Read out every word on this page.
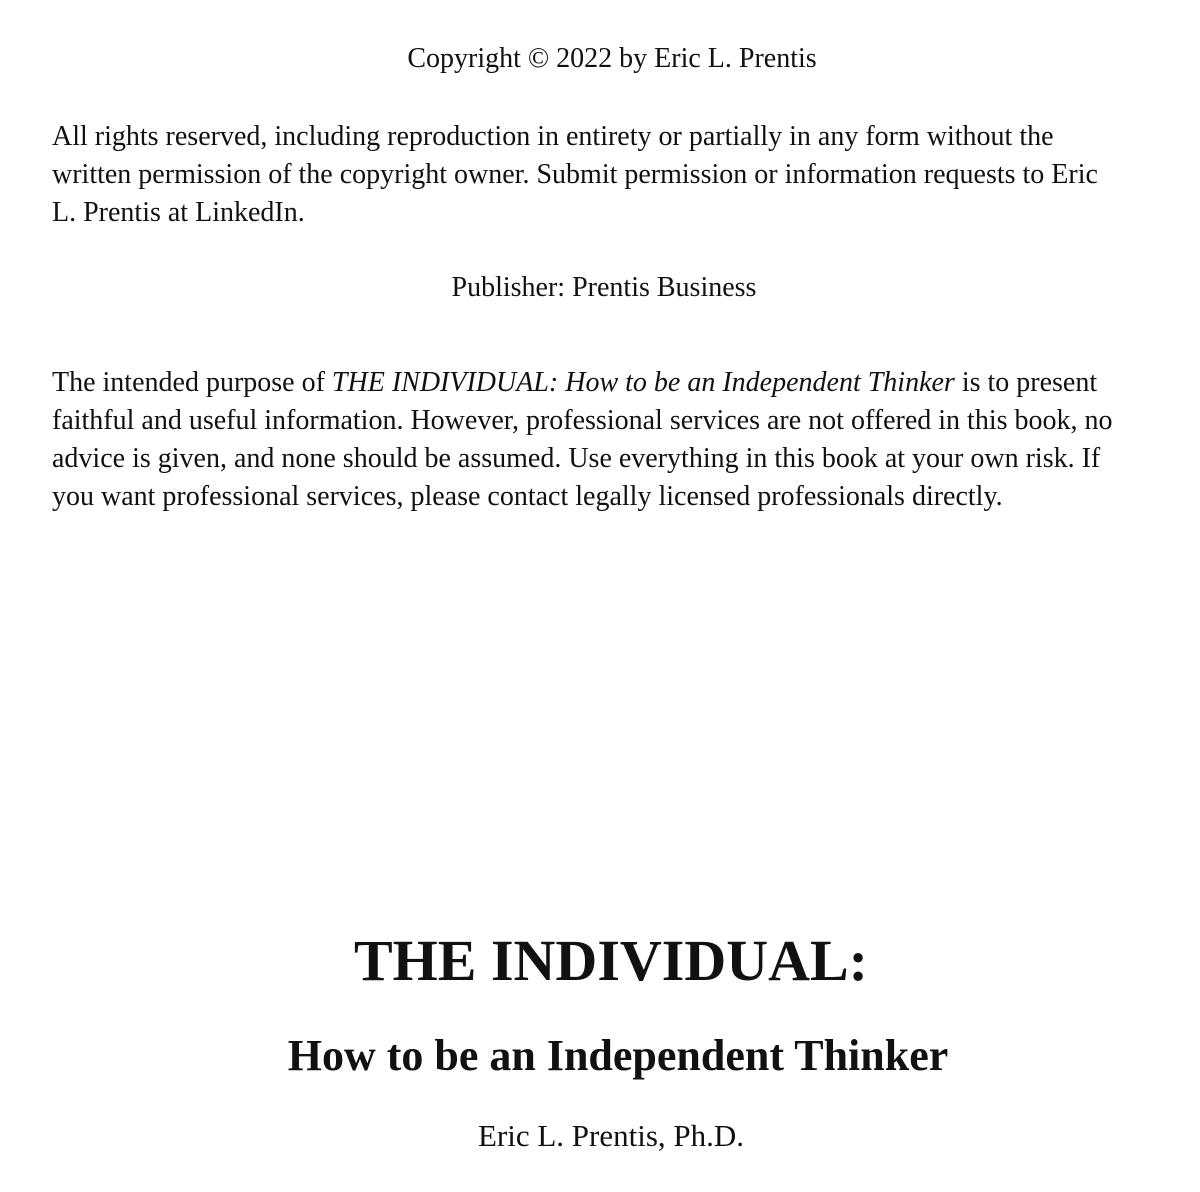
Copyright © 2022 by Eric L. Prentis
All rights reserved, including reproduction in entirety or partially in any form without the
written permission of the copyright owner. Submit permission or information requests to Eric
L. Prentis at LinkedIn.
Publisher: Prentis Business
The intended purpose of THE INDIVIDUAL: How to be an Independent Thinker is to present
faithful and useful information. However, professional services are not offered in this book, no
advice is given, and none should be assumed. Use everything in this book at your own risk. If
you want professional services, please contact legally licensed professionals directly.
THE INDIVIDUAL:
How to be an Independent Thinker
Eric L. Prentis, Ph.D.
